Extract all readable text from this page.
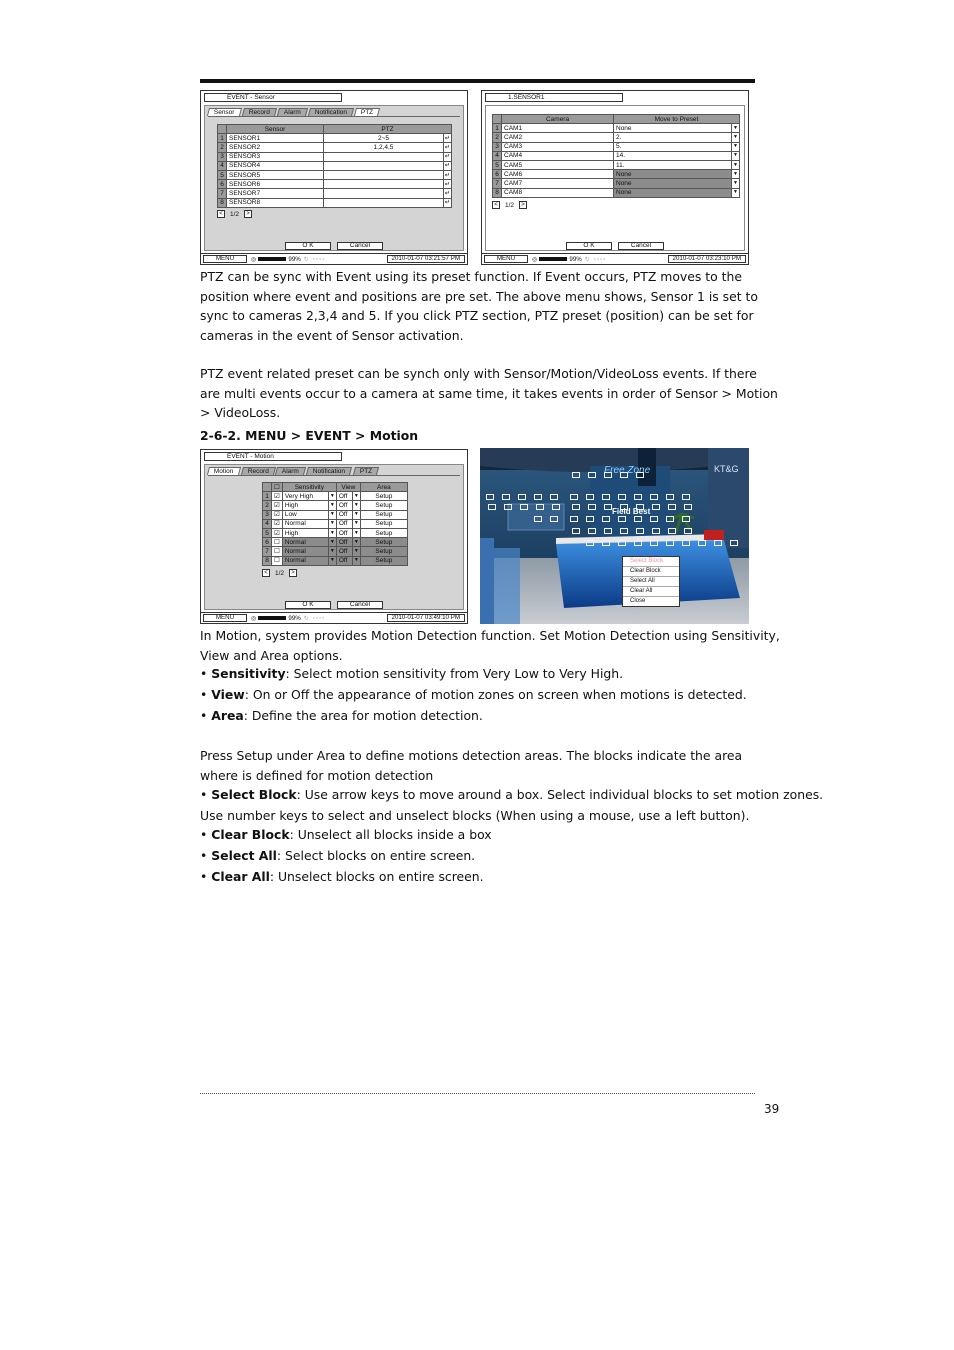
EVENT - Sensor
Sensor	Record	Alarm	Notification	PTZ
	Sensor	PTZ	
1	SENSOR1	2~5	↵
2	SENSOR2	1,2,4,5	↵
3	SENSOR3		↵
4	SENSOR4		↵
5	SENSOR5		↵
6	SENSOR6		↵
7	SENSOR7		↵
8	SENSOR8		↵
<	1/2	>
O K	Cancel
MENU	◎	99% ↻ ▫▫▫▫	2010-01-07 03:21:57 PM
1.SENSOR1
	Camera	Move to Preset	
1	CAM1	None	▼
2	CAM2	2.	▼
3	CAM3	5.	▼
4	CAM4	14.	▼
5	CAM5	11.	▼
6	CAM6	None	▼
7	CAM7	None	▼
8	CAM8	None	▼
<	1/2	>
O K	Cancel
MENU	◎	99% ↻ ▫▫▫▫	2010-01-07 03:23:10 PM
PTZ can be sync with Event using its preset function. If Event occurs, PTZ moves to the position where event and positions are pre set. The above menu shows, Sensor 1 is set to sync to cameras 2,3,4 and 5. If you click PTZ section, PTZ preset (position) can be set for cameras in the event of Sensor activation.
PTZ event related preset can be synch only with Sensor/Motion/VideoLoss events. If there are multi events occur to a camera at same time, it takes events in order of Sensor > Motion > VideoLoss.
2-6-2. MENU > EVENT > Motion
EVENT - Motion
Motion	Record	Alarm	Notification	PTZ
	☐	Sensitivity		View		Area
1	☑	Very High	▼	Off	▼	Setup
2	☑	High	▼	Off	▼	Setup
3	☑	Low	▼	Off	▼	Setup
4	☑	Normal	▼	Off	▼	Setup
5	☑	High	▼	Off	▼	Setup
6	☐	Normal	▼	Off	▼	Setup
7	☐	Normal	▼	Off	▼	Setup
8	☐	Normal	▼	Off	▼	Setup
<	1/2	>
O K	Cancel
MENU	◎	99% ↻ ▫▫▫▫	2010-01-07 03:49:10 PM
Free Zone
Field Best
KT&G
Select Block
Clear Block
Select All
Clear All
Close
In Motion, system provides Motion Detection function. Set Motion Detection using Sensitivity, View and Area options.
• Sensitivity: Select motion sensitivity from Very Low to Very High.
• View: On or Off the appearance of motion zones on screen when motions is detected.
• Area: Define the area for motion detection.
Press Setup under Area to define motions detection areas. The blocks indicate the area where is defined for motion detection
• Select Block: Use arrow keys to move around a box. Select individual blocks to set motion zones.
Use number keys to select and unselect blocks (When using a mouse, use a left button).
• Clear Block: Unselect all blocks inside a box
• Select All: Select blocks on entire screen.
• Clear All: Unselect blocks on entire screen.
39
